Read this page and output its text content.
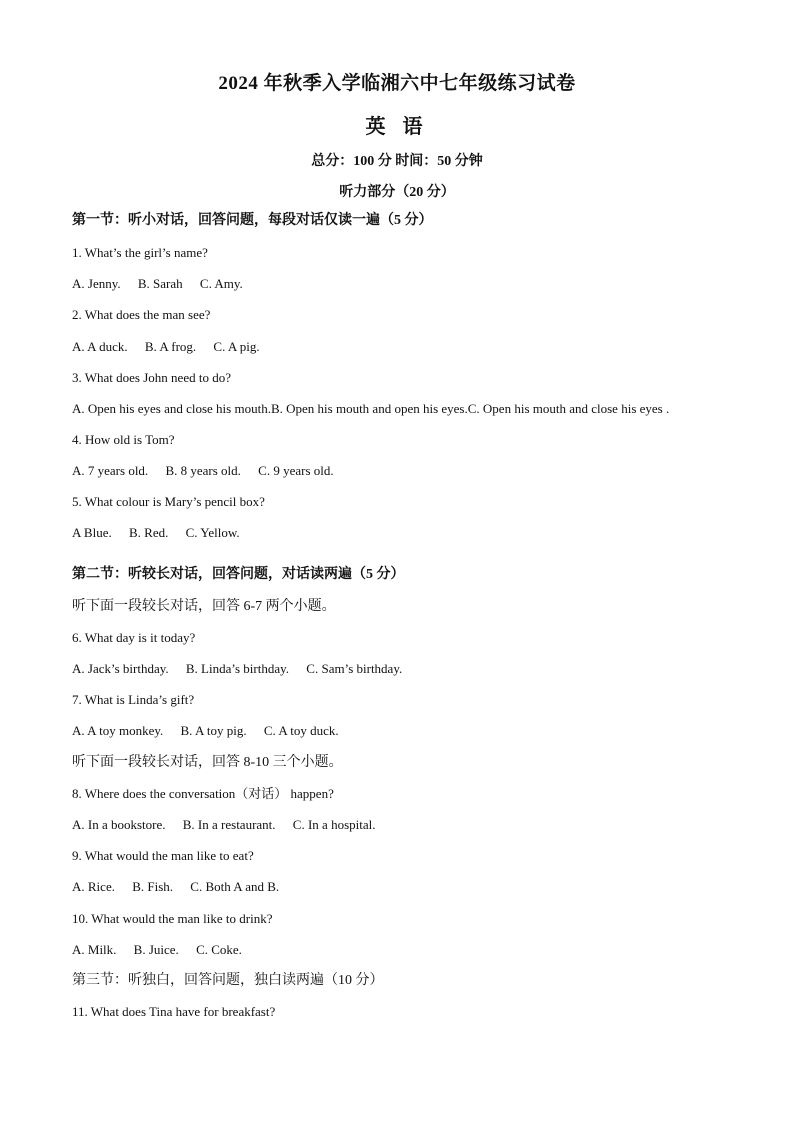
2024 年秋季入学临湘六中七年级练习试卷
英 语
总分：100 分 时间：50 分钟
听力部分（20 分）
第一节：听小对话，回答问题，每段对话仅读一遍（5 分）
1. What’s the girl’s name?
A. Jenny. B. Sarah C. Amy.
2. What does the man see?
A. A duck. B. A frog. C. A pig.
3. What does John need to do?
A. Open his eyes and close his mouth.B. Open his mouth and open his eyes.C. Open his mouth and close his eyes .
4. How old is Tom?
A. 7 years old. B. 8 years old. C. 9 years old.
5. What colour is Mary’s pencil box?
A Blue. B. Red. C. Yellow.
第二节：听较长对话，回答问题，对话读两遍（5 分）
听下面一段较长对话，回答 6-7 两个小题。
6. What day is it today?
A. Jack’s birthday. B. Linda’s birthday. C. Sam’s birthday.
7. What is Linda’s gift?
A. A toy monkey. B. A toy pig. C. A toy duck.
听下面一段较长对话，回答 8-10 三个小题。
8. Where does the conversation（对话） happen?
A. In a bookstore. B. In a restaurant. C. In a hospital.
9. What would the man like to eat?
A. Rice. B. Fish. C. Both A and B.
10. What would the man like to drink?
A. Milk. B. Juice. C. Coke.
第三节：听独白，回答问题，独白读两遍（10 分）
11. What does Tina have for breakfast?
